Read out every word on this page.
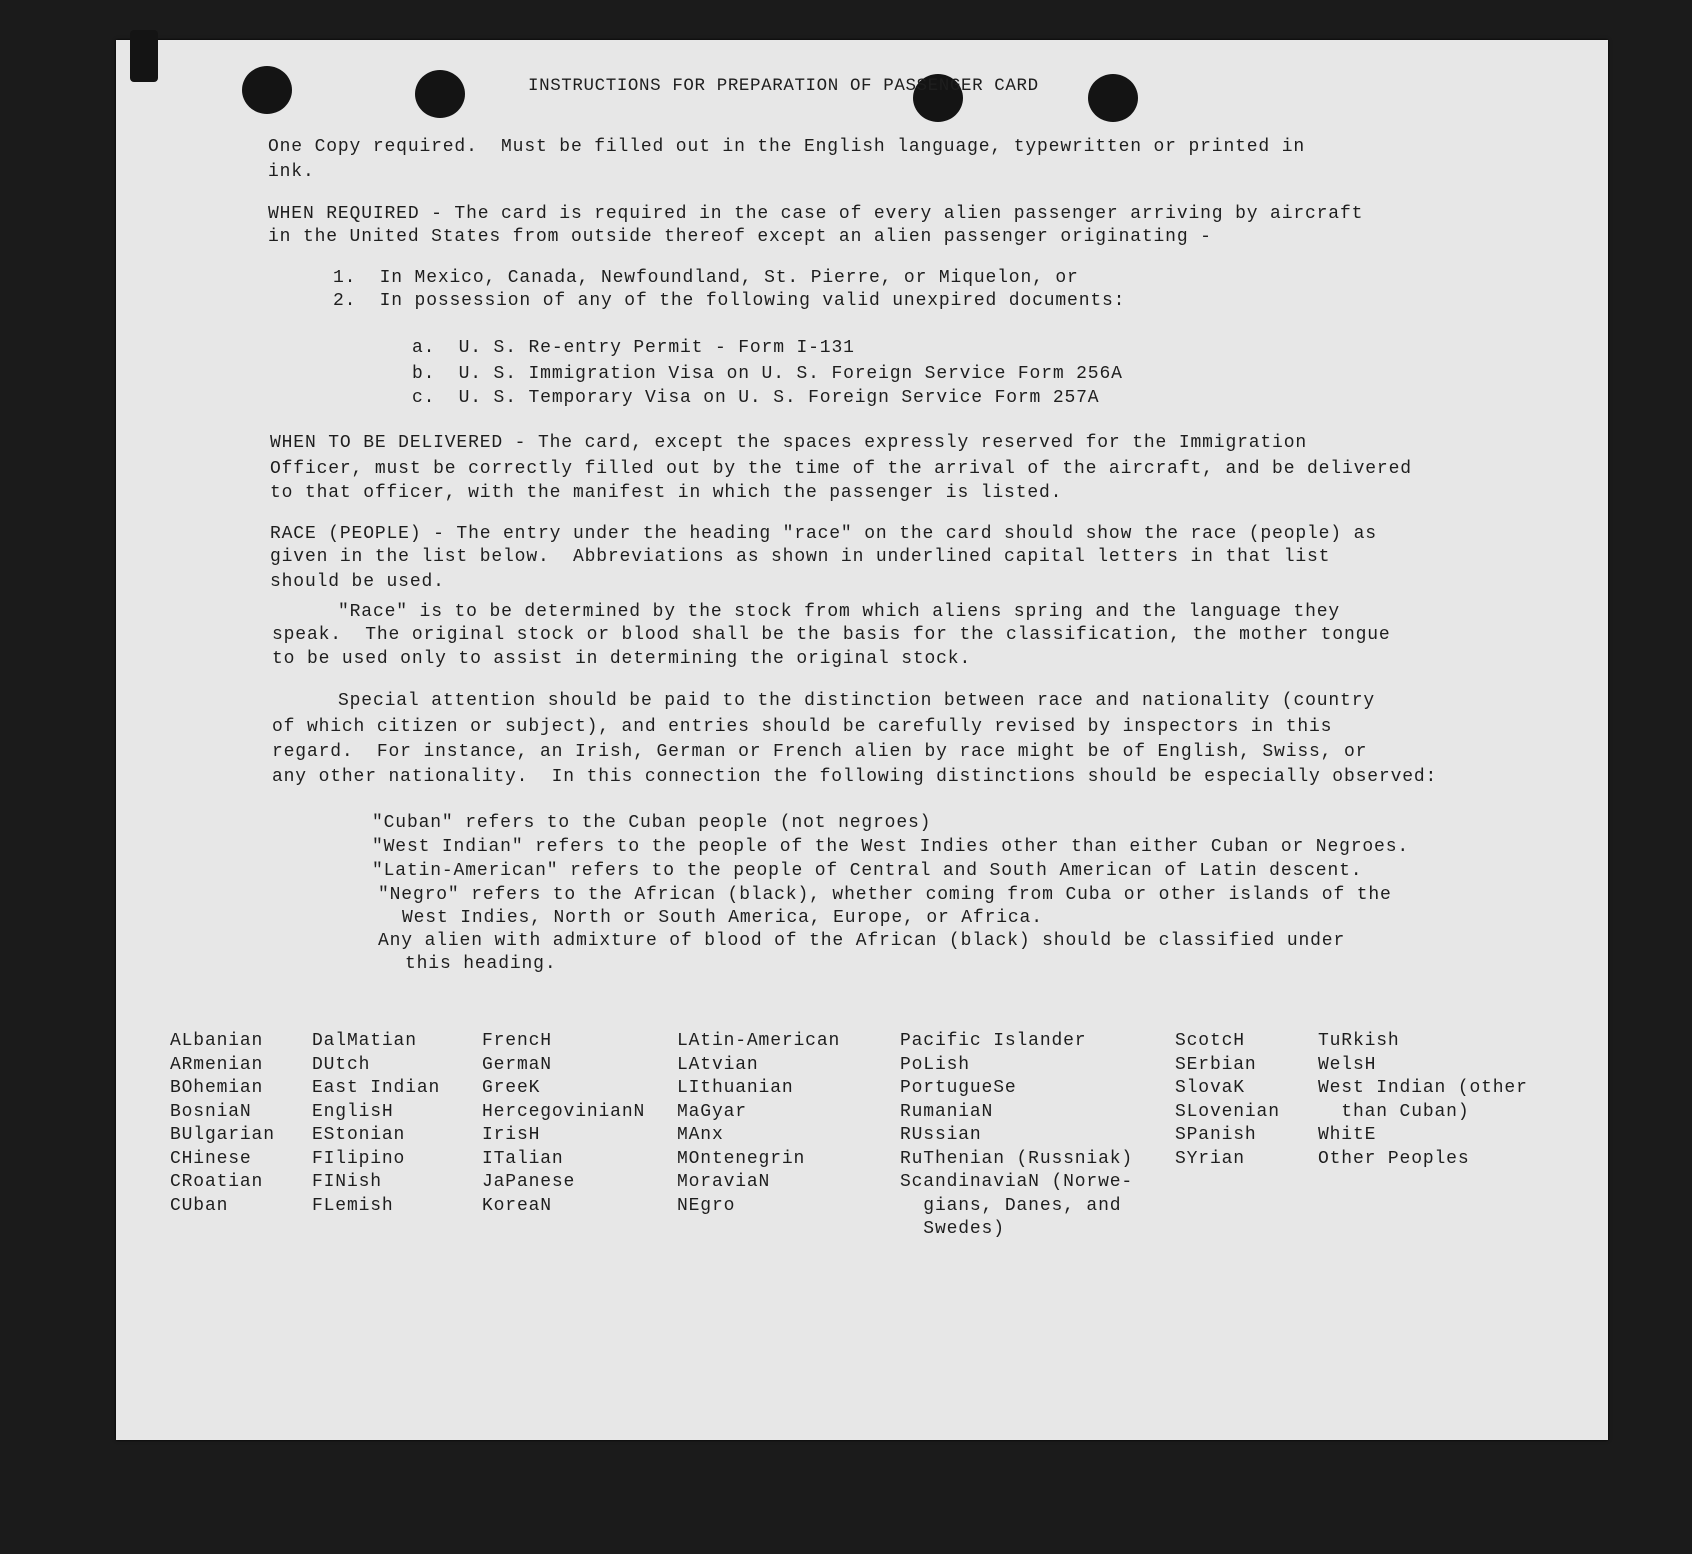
INSTRUCTIONS FOR PREPARATION OF PASSENGER CARD
One Copy required.  Must be filled out in the English language, typewritten or printed in
ink.
WHEN REQUIRED - The card is required in the case of every alien passenger arriving by aircraft
in the United States from outside thereof except an alien passenger originating -
1.  In Mexico, Canada, Newfoundland, St. Pierre, or Miquelon, or
2.  In possession of any of the following valid unexpired documents:
a.  U. S. Re-entry Permit - Form I-131
b.  U. S. Immigration Visa on U. S. Foreign Service Form 256A
c.  U. S. Temporary Visa on U. S. Foreign Service Form 257A
WHEN TO BE DELIVERED - The card, except the spaces expressly reserved for the Immigration
Officer, must be correctly filled out by the time of the arrival of the aircraft, and be delivered
to that officer, with the manifest in which the passenger is listed.
RACE (PEOPLE) - The entry under the heading "race" on the card should show the race (people) as
given in the list below.  Abbreviations as shown in underlined capital letters in that list
should be used.
"Race" is to be determined by the stock from which aliens spring and the language they
speak.  The original stock or blood shall be the basis for the classification, the mother tongue
to be used only to assist in determining the original stock.
Special attention should be paid to the distinction between race and nationality (country
of which citizen or subject), and entries should be carefully revised by inspectors in this
regard.  For instance, an Irish, German or French alien by race might be of English, Swiss, or
any other nationality.  In this connection the following distinctions should be especially observed:
"Cuban" refers to the Cuban people (not negroes)
"West Indian" refers to the people of the West Indies other than either Cuban or Negroes.
"Latin-American" refers to the people of Central and South American of Latin descent.
"Negro" refers to the African (black), whether coming from Cuba or other islands of the
West Indies, North or South America, Europe, or Africa.
Any alien with admixture of blood of the African (black) should be classified under
this heading.
ALbanian
ARmenian
BOhemian
BosniaN
BUlgarian
CHinese
CRoatian
CUban
DalMatian
DUtch
East Indian
EnglisH
EStonian
FIlipino
FINish
FLemish
FrencH
GermaN
GreeK
HercegovinianN
IrisH
ITalian
JaPanese
KoreaN
LAtin-American
LAtvian
LIthuanian
MaGyar
MAnx
MOntenegrin
MoraviaN
NEgro
Pacific Islander
PoLish
PortugueSe
RumaniaN
RUssian
RuThenian (Russniak)
ScandinaviaN (Norwe-
gians, Danes, and
Swedes)
ScotcH
SErbian
SlovaK
SLovenian
SPanish
SYrian
TuRkish
WelsH
West Indian (other
than Cuban)
WhitE
Other Peoples
